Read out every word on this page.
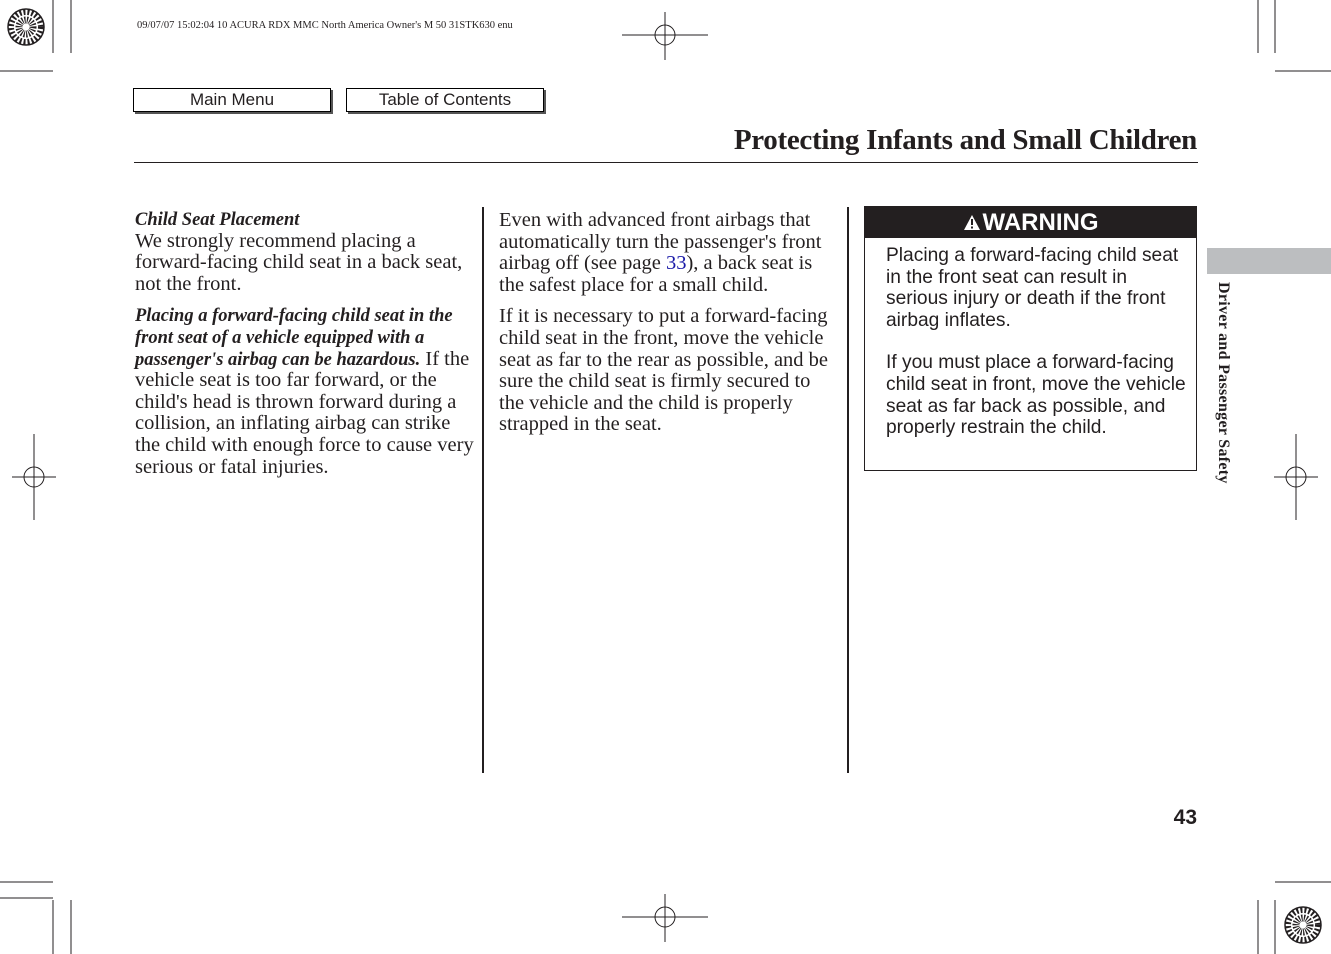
09/07/07 15:02:04 10 ACURA RDX MMC North America Owner's M 50 31STK630 enu
Main Menu	Table of Contents
Protecting Infants and Small Children
Child Seat Placement

We strongly recommend placing a forward-facing child seat in a back seat, not the front.

Placing a forward-facing child seat in the front seat of a vehicle equipped with a passenger's airbag can be hazardous. If the vehicle seat is too far forward, or the child's head is thrown forward during a collision, an inflating airbag can strike the child with enough force to cause very serious or fatal injuries.

Even with advanced front airbags that automatically turn the passenger's front airbag off (see page 33), a back seat is the safest place for a small child.

If it is necessary to put a forward-facing child seat in the front, move the vehicle seat as far to the rear as possible, and be sure the child seat is firmly secured to the vehicle and the child is properly strapped in the seat.

WARNING

Placing a forward-facing child seat in the front seat can result in serious injury or death if the front airbag inflates.

If you must place a forward-facing child seat in front, move the vehicle seat as far back as possible, and properly restrain the child.	Driver and Passenger Safety
43
